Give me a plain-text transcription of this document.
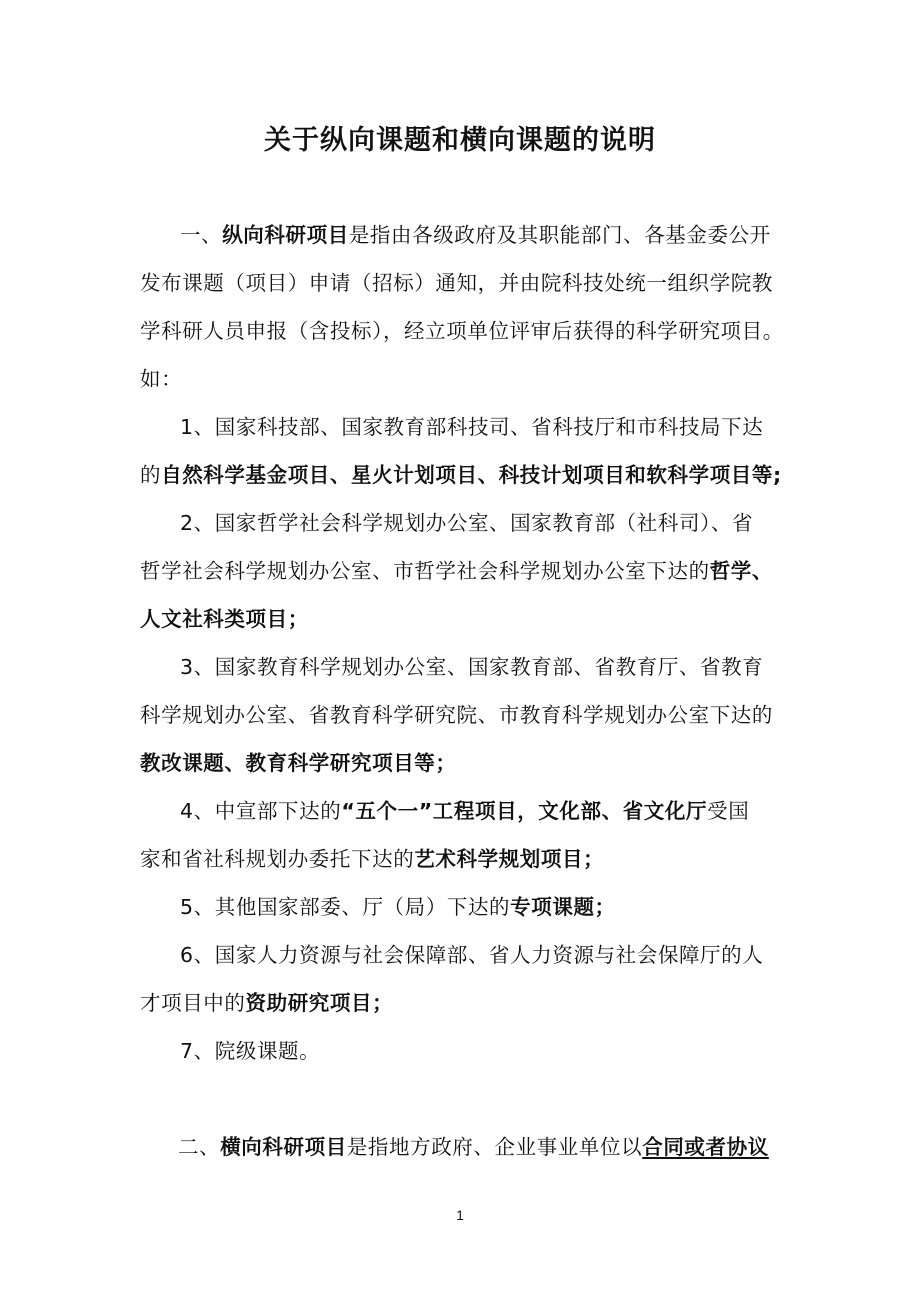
关于纵向课题和横向课题的说明
一、纵向科研项目是指由各级政府及其职能部门、各基金委公开
发布课题（项目）申请（招标）通知，并由院科技处统一组织学院教
学科研人员申报（含投标），经立项单位评审后获得的科学研究项目。
如：
1、国家科技部、国家教育部科技司、省科技厅和市科技局下达
的自然科学基金项目、星火计划项目、科技计划项目和软科学项目等;
2、国家哲学社会科学规划办公室、国家教育部（社科司）、省
哲学社会科学规划办公室、市哲学社会科学规划办公室下达的哲学、
人文社科类项目；
3、国家教育科学规划办公室、国家教育部、省教育厅、省教育
科学规划办公室、省教育科学研究院、市教育科学规划办公室下达的
教改课题、教育科学研究项目等；
4、中宣部下达的“五个一”工程项目，文化部、省文化厅受国
家和省社科规划办委托下达的艺术科学规划项目；
5、其他国家部委、厅（局）下达的专项课题；
6、国家人力资源与社会保障部、省人力资源与社会保障厅的人
才项目中的资助研究项目；
7、院级课题。
二、横向科研项目是指地方政府、企业事业单位以合同或者协议
1
